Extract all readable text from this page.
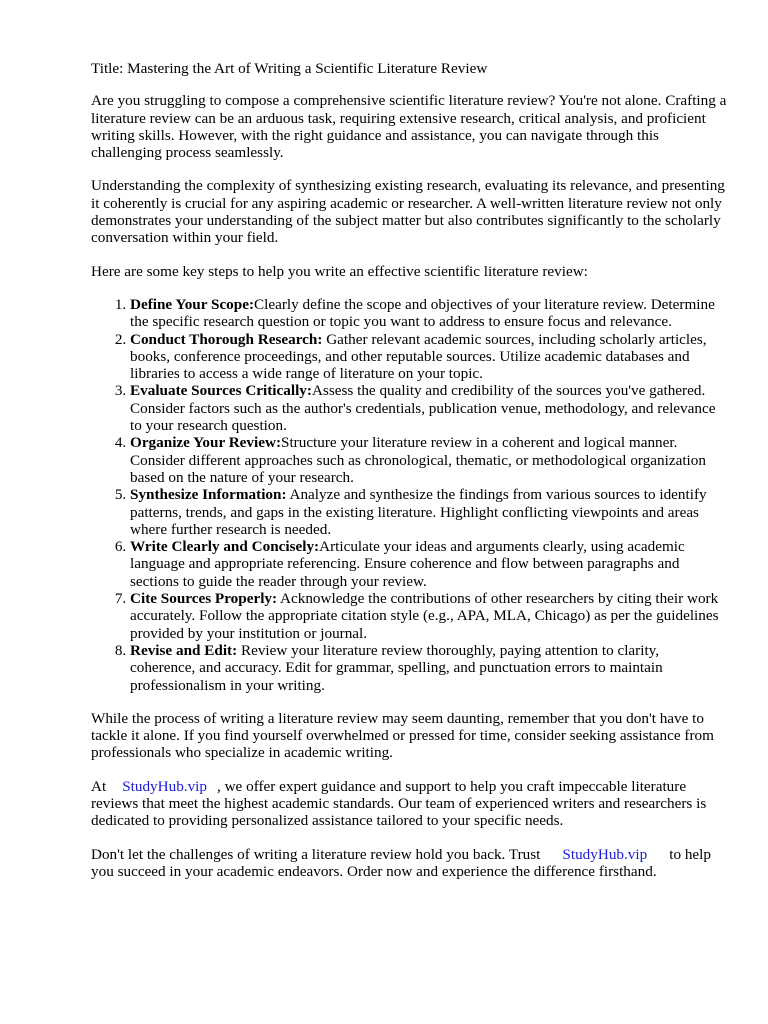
Title: Mastering the Art of Writing a Scientific Literature Review

Are you struggling to compose a comprehensive scientific literature review? You're not alone. Crafting a literature review can be an arduous task, requiring extensive research, critical analysis, and proficient writing skills. However, with the right guidance and assistance, you can navigate through this challenging process seamlessly.

Understanding the complexity of synthesizing existing research, evaluating its relevance, and presenting it coherently is crucial for any aspiring academic or researcher. A well-written literature review not only demonstrates your understanding of the subject matter but also contributes significantly to the scholarly conversation within your field.

Here are some key steps to help you write an effective scientific literature review:

1. Define Your Scope:Clearly define the scope and objectives of your literature review. Determine the specific research question or topic you want to address to ensure focus and relevance.
2. Conduct Thorough Research: Gather relevant academic sources, including scholarly articles, books, conference proceedings, and other reputable sources. Utilize academic databases and libraries to access a wide range of literature on your topic.
3. Evaluate Sources Critically:Assess the quality and credibility of the sources you've gathered. Consider factors such as the author's credentials, publication venue, methodology, and relevance to your research question.
4. Organize Your Review:Structure your literature review in a coherent and logical manner. Consider different approaches such as chronological, thematic, or methodological organization based on the nature of your research.
5. Synthesize Information: Analyze and synthesize the findings from various sources to identify patterns, trends, and gaps in the existing literature. Highlight conflicting viewpoints and areas where further research is needed.
6. Write Clearly and Concisely:Articulate your ideas and arguments clearly, using academic language and appropriate referencing. Ensure coherence and flow between paragraphs and sections to guide the reader through your review.
7. Cite Sources Properly: Acknowledge the contributions of other researchers by citing their work accurately. Follow the appropriate citation style (e.g., APA, MLA, Chicago) as per the guidelines provided by your institution or journal.
8. Revise and Edit: Review your literature review thoroughly, paying attention to clarity, coherence, and accuracy. Edit for grammar, spelling, and punctuation errors to maintain professionalism in your writing.

While the process of writing a literature review may seem daunting, remember that you don't have to tackle it alone. If you find yourself overwhelmed or pressed for time, consider seeking assistance from professionals who specialize in academic writing.

At StudyHub.vip , we offer expert guidance and support to help you craft impeccable literature reviews that meet the highest academic standards. Our team of experienced writers and researchers is dedicated to providing personalized assistance tailored to your specific needs.

Don't let the challenges of writing a literature review hold you back. Trust StudyHub.vip to help you succeed in your academic endeavors. Order now and experience the difference firsthand.
